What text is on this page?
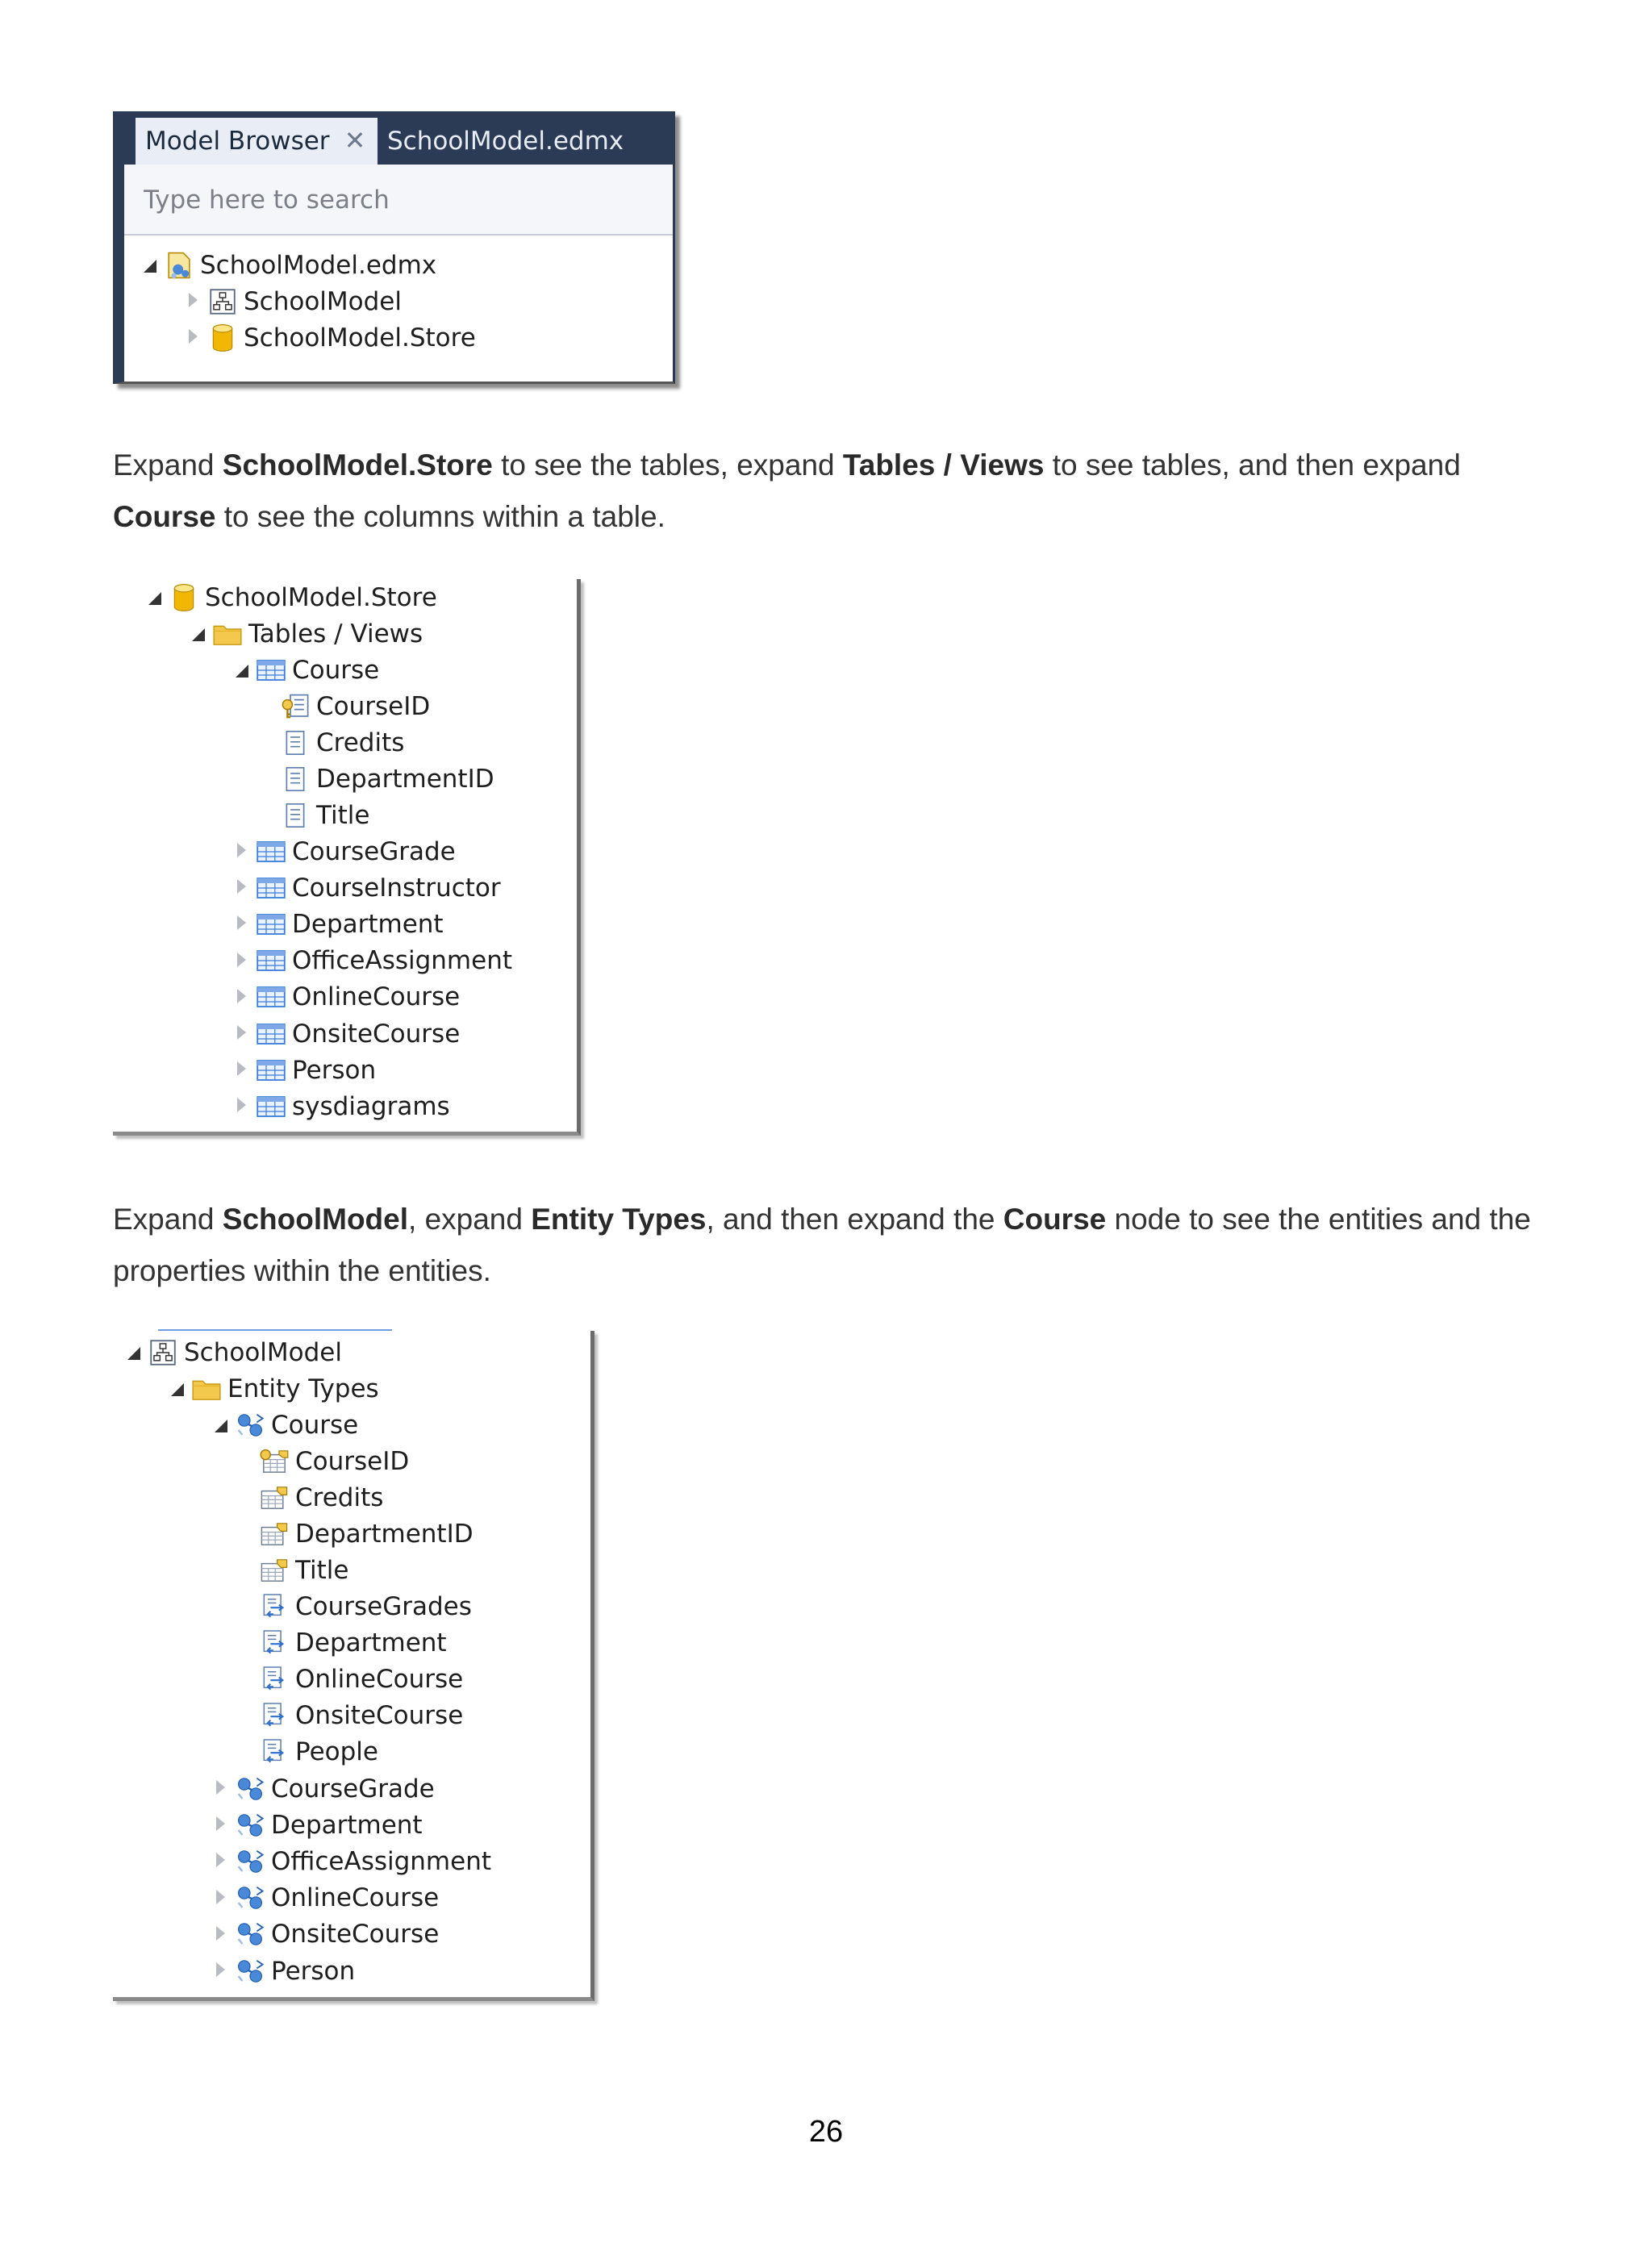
Model Browser ✕ SchoolModel.edmx
Type here to search
SchoolModel.edmx
SchoolModel
SchoolModel.Store
Expand SchoolModel.Store to see the tables, expand Tables / Views to see tables, and then expand Course to see the columns within a table.
SchoolModel.Store
Tables / Views
Course
CourseID
Credits
DepartmentID
Title
CourseGrade
CourseInstructor
Department
OfficeAssignment
OnlineCourse
OnsiteCourse
Person
sysdiagrams
Expand SchoolModel, expand Entity Types, and then expand the Course node to see the entities and the properties within the entities.
SchoolModel
Entity Types
Course
CourseID
Credits
DepartmentID
Title
CourseGrades
Department
OnlineCourse
OnsiteCourse
People
CourseGrade
Department
OfficeAssignment
OnlineCourse
OnsiteCourse
Person
26
